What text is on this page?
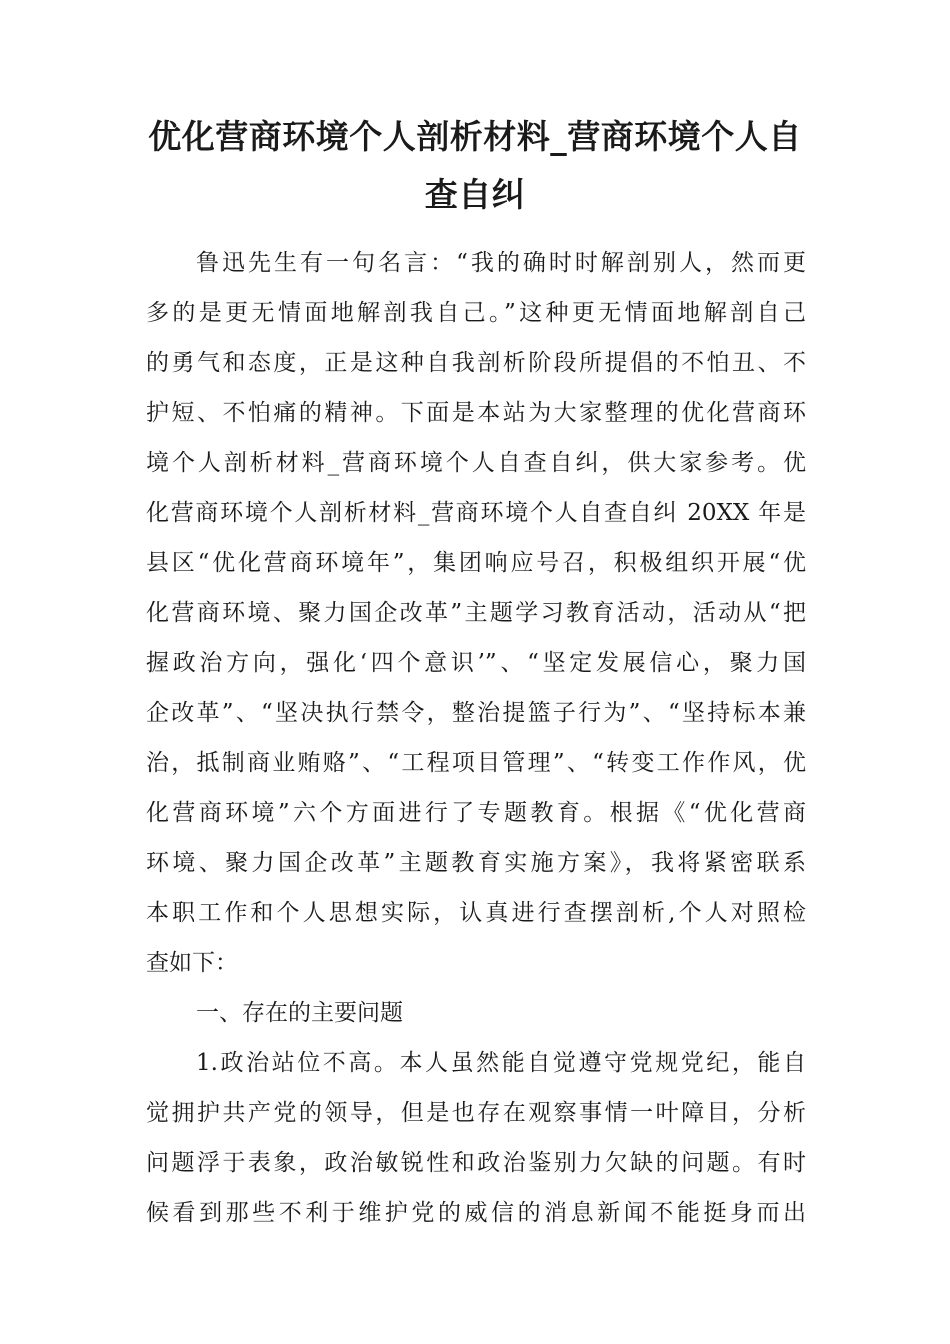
优化营商环境个人剖析材料_营商环境个人自
查自纠
鲁迅先生有一句名言：“我的确时时解剖别人，然而更
多的是更无情面地解剖我自己。”这种更无情面地解剖自己
的勇气和态度，正是这种自我剖析阶段所提倡的不怕丑、不
护短、不怕痛的精神。下面是本站为大家整理的优化营商环
境个人剖析材料_营商环境个人自查自纠，供大家参考。优
化营商环境个人剖析材料_营商环境个人自查自纠 20XX 年是
县区“优化营商环境年”，集团响应号召，积极组织开展“优
化营商环境、聚力国企改革”主题学习教育活动，活动从“把
握政治方向，强化‘四个意识’”、“坚定发展信心，聚力国
企改革”、“坚决执行禁令，整治提篮子行为”、“坚持标本兼
治，抵制商业贿赂”、“工程项目管理”、“转变工作作风，优
化营商环境”六个方面进行了专题教育。根据《“优化营商
环境、聚力国企改革”主题教育实施方案》，我将紧密联系
本职工作和个人思想实际，认真进行查摆剖析,个人对照检
查如下：
一、存在的主要问题
1.政治站位不高。本人虽然能自觉遵守党规党纪，能自
觉拥护共产党的领导，但是也存在观察事情一叶障目，分析
问题浮于表象，政治敏锐性和政治鉴别力欠缺的问题。有时
候看到那些不利于维护党的威信的消息新闻不能挺身而出
